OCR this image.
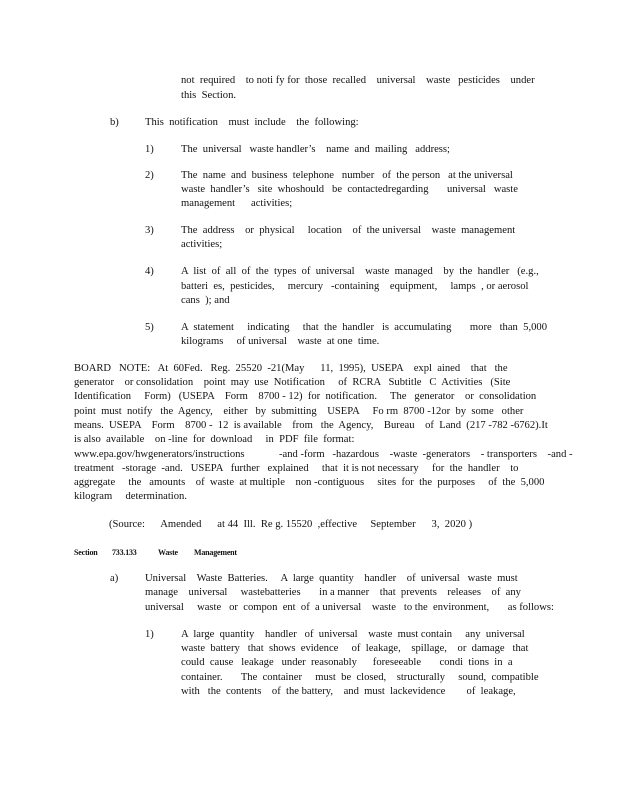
not  required    to noti fy for  those  recalled    universal    waste   pesticides    under
this  Section.
b) This  notification    must  include    the  following:
1)	The  universal   waste handler’s    name  and  mailing   address;
2)	The  name  and  business  telephone   number   of  the person   at the universal
waste  handler’s   site  whoshould   be  contactedregarding       universal   waste
management      activities;
3)	The  address    or  physical     location    of  the universal    waste  management
activities;
4)	A  list  of  all  of  the  types  of  universal    waste  managed    by  the  handler   (e.g.,
batteri  es,  pesticides,     mercury   -containing    equipment,     lamps  , or aerosol
cans  ); and
5)	A  statement     indicating     that  the  handler   is  accumulating       more   than  5,000
kilograms     of universal    waste  at one  time.
BOARD   NOTE:   At  60Fed.   Reg.  25520  -21(May      11,  1995),  USEPA    expl  ained    that   the
generator    or consolidation    point  may  use  Notification     of  RCRA   Subtitle   C  Activities   (Site
Identification     Form)   (USEPA    Form    8700 - 12)  for  notification.     The   generator    or  consolidation
point  must  notify   the  Agency,    either   by  submitting    USEPA     Fo rm  8700 -12or  by  some   other
means.  USEPA    Form    8700 -  12  is available    from   the  Agency,    Bureau    of  Land  (217 -782 -6762).It
is also  available    on -line  for  download     in  PDF  file  format:
www.epa.gov/hwgenerators/instructions             -and -form   -hazardous    -waste  -generators    - transporters    -and -
treatment   -storage  -and.   USEPA   further   explained     that  it is not necessary     for  the  handler    to
aggregate     the   amounts    of  waste  at multiple    non -contiguous     sites  for  the  purposes     of  the  5,000
kilogram     determination.
(Source:      Amended      at 44  Ill.  Re g. 15520  ,effective     September      3,  2020 )
Section 733.133	Waste Management
a)	Universal    Waste  Batteries.     A  large  quantity    handler    of  universal   waste  must
manage    universal     wastebatteries       in a manner    that  prevents    releases    of  any
universal     waste   or  compon  ent  of  a universal    waste   to the  environment,       as follows:
1)	A  large  quantity    handler   of  universal    waste  must contain     any  universal
waste  battery   that  shows  evidence     of  leakage,    spillage,    or  damage   that
could  cause   leakage   under  reasonably      foreseeable       condi  tions  in  a
container.       The  container     must  be  closed,    structurally     sound,  compatible
with   the  contents    of  the battery,    and  must  lackevidence        of  leakage,
